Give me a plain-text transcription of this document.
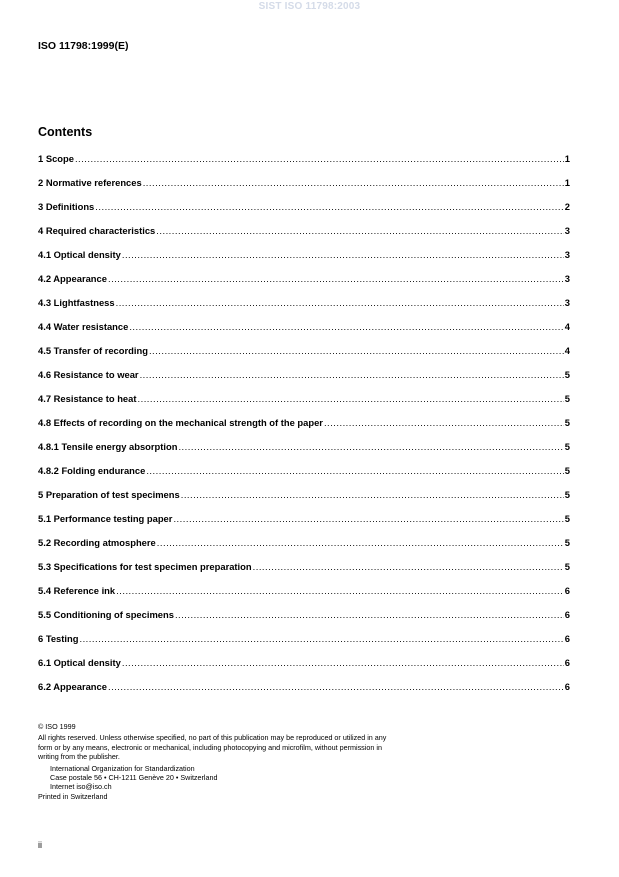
SIST ISO 11798:2003
ISO 11798:1999(E)
Contents
1 Scope .....	1
2 Normative references .....	1
3 Definitions .....	2
4 Required characteristics .....	3
4.1 Optical density .....	3
4.2 Appearance .....	3
4.3 Lightfastness .....	3
4.4 Water resistance .....	4
4.5 Transfer of recording .....	4
4.6 Resistance to wear .....	5
4.7 Resistance to heat .....	5
4.8 Effects of recording on the mechanical strength of the paper .....	5
4.8.1 Tensile energy absorption .....	5
4.8.2 Folding endurance .....	5
5 Preparation of test specimens .....	5
5.1 Performance testing paper .....	5
5.2 Recording atmosphere .....	5
5.3 Specifications for test specimen preparation .....	5
5.4 Reference ink .....	6
5.5 Conditioning of specimens .....	6
6 Testing .....	6
6.1 Optical density .....	6
6.2 Appearance .....	6
© ISO 1999
All rights reserved. Unless otherwise specified, no part of this publication may be reproduced or utilized in any form or by any means, electronic or mechanical, including photocopying and microfilm, without permission in writing from the publisher.
International Organization for Standardization
Case postale 56 • CH-1211 Genève 20 • Switzerland
Internet iso@iso.ch
Printed in Switzerland
ii
